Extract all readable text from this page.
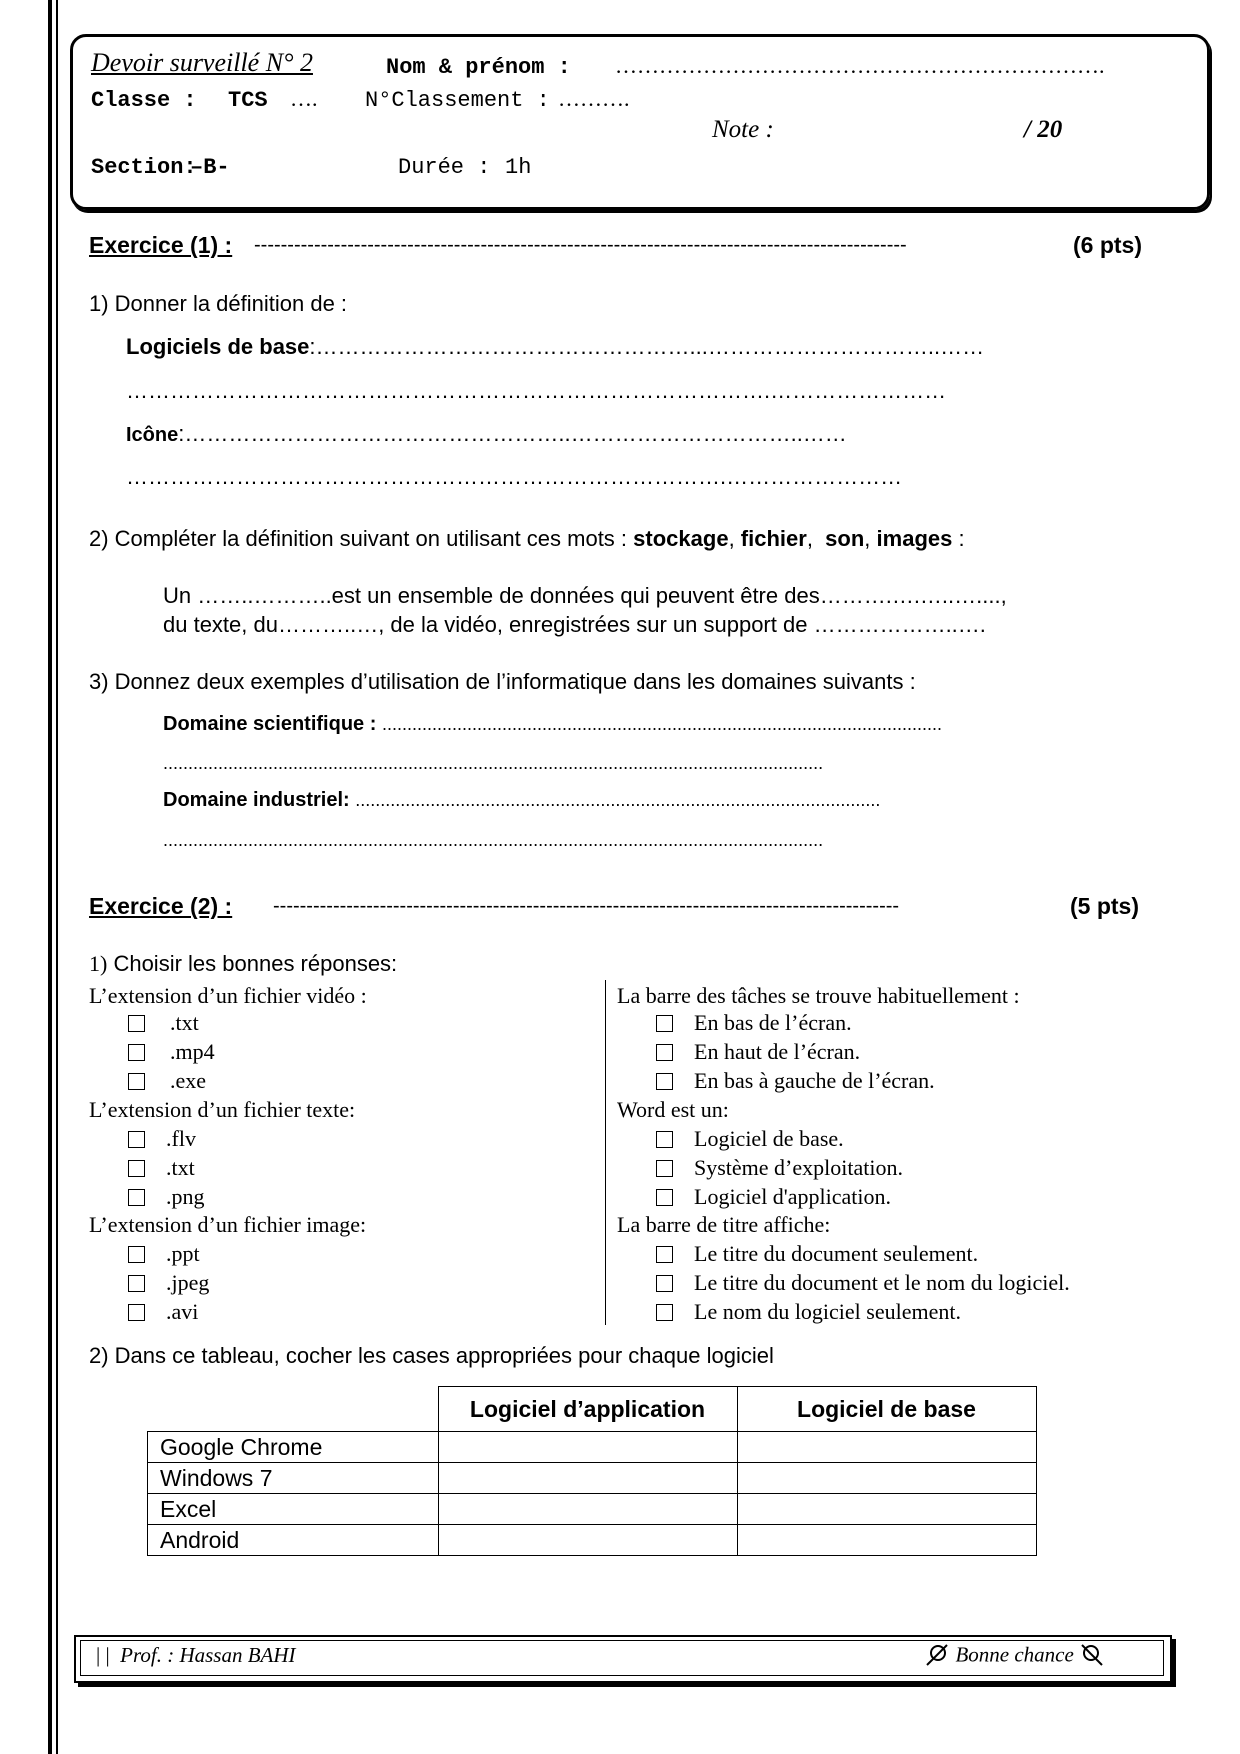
Devoir surveillé N° 2	Nom & prénom : ………………………………………………………….
Classe : TCS …. N°Classement : ……….
Note :	/ 20
Section:
–B-	Durée : 1h
Exercice (1) : --------------------------------------------------------------------------------------------------	(6 pts)
1) Donner la définition de :
Logiciels de base:……………………………………………...…………………………..……
…………………………………………………………………………….……………………
Icône:……………………………………………..…………………………..……
……………………………………………………………………….……………………
2) Compléter la définition suivant on utilisant ces mots : stockage, fichier,  son, images :
Un ……..………..est un ensemble de données qui peuvent être des……….….…..…....,
du texte, du………..…, de la vidéo, enregistrées sur un support de ………………..….
3) Donnez deux exemples d’utilisation de l’informatique dans les domaines suivants :
Domaine scientifique : ................................................................................................................
....................................................................................................................................
Domaine industriel: .........................................................................................................
....................................................................................................................................
Exercice (2) : ----------------------------------------------------------------------------------------------	(5 pts)
1) Choisir les bonnes réponses:
L’extension d’un fichier vidéo :
.txt
.mp4
.exe
L’extension d’un fichier texte:
.flv
.txt
.png
L’extension d’un fichier image:
.ppt
.jpeg
.avi
La barre des tâches se trouve habituellement :
En bas de l’écran.
En haut de l’écran.
En bas à gauche de l’écran.
Word est un:
Logiciel de base.
Système d’exploitation.
Logiciel d'application.
La barre de titre affiche:
Le titre du document seulement.
Le titre du document et le nom du logiciel.
Le nom du logiciel seulement.
2) Dans ce tableau, cocher les cases appropriées pour chaque logiciel
	Logiciel d’application	Logiciel de base
Google Chrome		
Windows 7		
Excel		
Android		
| | Prof. : Hassan BAHI	Bonne chance
